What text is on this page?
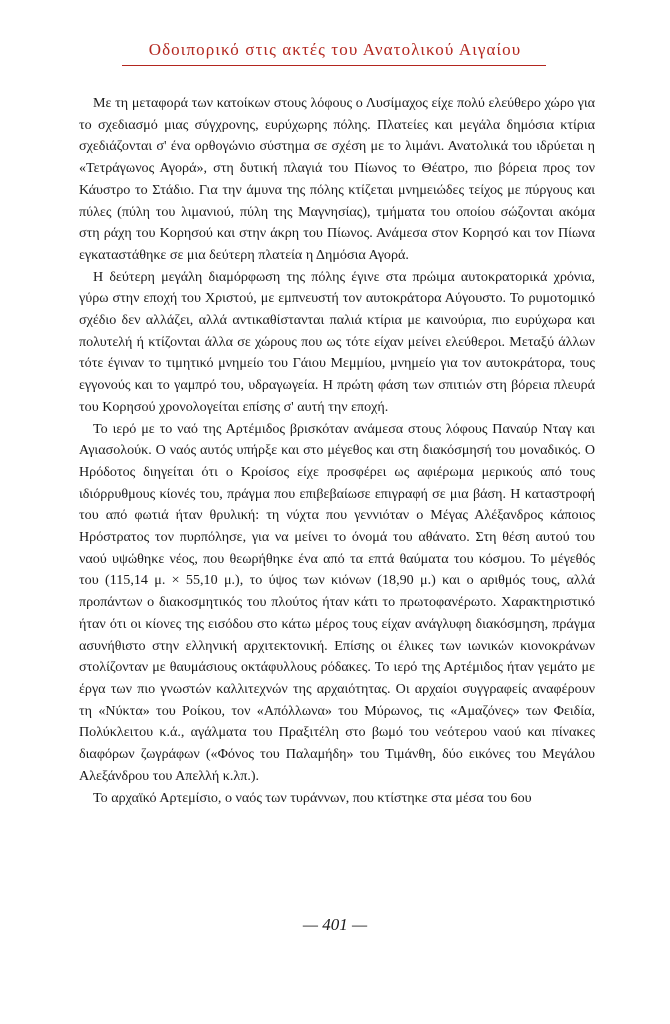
Οδοιπορικό στις ακτές του Ανατολικού Αιγαίου

Με τη μεταφορά των κατοίκων στους λόφους ο Λυσίμαχος είχε πολύ ελεύθερο χώρο για το σχεδιασμό μιας σύγχρονης, ευρύχωρης πόλης. Πλατείες και μεγάλα δημόσια κτίρια σχεδιάζονται σ' ένα ορθογώνιο σύστημα σε σχέση με το λιμάνι. Ανατολικά του ιδρύεται η «Τετράγωνος Αγορά», στη δυτική πλαγιά του Πίωνος το Θέατρο, πιο βόρεια προς τον Κάυστρο το Στάδιο. Για την άμυνα της πόλης κτίζεται μνημειώδες τείχος με πύργους και πύλες (πύλη του λιμανιού, πύλη της Μαγνησίας), τμήματα του οποίου σώζονται ακόμα στη ράχη του Κορησού και στην άκρη του Πίωνος. Ανάμεσα στον Κορησό και τον Πίωνα εγκαταστάθηκε σε μια δεύτερη πλατεία η Δημόσια Αγορά.

Η δεύτερη μεγάλη διαμόρφωση της πόλης έγινε στα πρώιμα αυτοκρατορικά χρόνια, γύρω στην εποχή του Χριστού, με εμπνευστή τον αυτοκράτορα Αύγουστο. Το ρυμοτομικό σχέδιο δεν αλλάζει, αλλά αντικαθίστανται παλιά κτίρια με καινούρια, πιο ευρύχωρα και πολυτελή ή κτίζονται άλλα σε χώρους που ως τότε είχαν μείνει ελεύθεροι. Μεταξύ άλλων τότε έγιναν το τιμητικό μνημείο του Γάιου Μεμμίου, μνημείο για τον αυτοκράτορα, τους εγγονούς και το γαμπρό του, υδραγωγεία. Η πρώτη φάση των σπιτιών στη βόρεια πλευρά του Κορησού χρονολογείται επίσης σ' αυτή την εποχή.

Το ιερό με το ναό της Αρτέμιδος βρισκόταν ανάμεσα στους λόφους Παναύρ Νταγ και Αγιασολούκ. Ο ναός αυτός υπήρξε και στο μέγεθος και στη διακόσμησή του μοναδικός. Ο Ηρόδοτος διηγείται ότι ο Κροίσος είχε προσφέρει ως αφιέρωμα μερικούς από τους ιδιόρρυθμους κίονές του, πράγμα που επιβεβαίωσε επιγραφή σε μια βάση. Η καταστροφή του από φωτιά ήταν θρυλική: τη νύχτα που γεννιόταν ο Μέγας Αλέξανδρος κάποιος Ηρόστρατος τον πυρπόλησε, για να μείνει το όνομά του αθάνατο. Στη θέση αυτού του ναού υψώθηκε νέος, που θεωρήθηκε ένα από τα επτά θαύματα του κόσμου. Το μέγεθός του (115,14 μ. × 55,10 μ.), το ύψος των κιόνων (18,90 μ.) και ο αριθμός τους, αλλά προπάντων ο διακοσμητικός του πλούτος ήταν κάτι το πρωτοφανέρωτο. Χαρακτηριστικό ήταν ότι οι κίονες της εισόδου στο κάτω μέρος τους είχαν ανάγλυφη διακόσμηση, πράγμα ασυνήθιστο στην ελληνική αρχιτεκτονική. Επίσης οι έλικες των ιωνικών κιονοκράνων στολίζονταν με θαυμάσιους οκτάφυλλους ρόδακες. Το ιερό της Αρτέμιδος ήταν γεμάτο με έργα των πιο γνωστών καλλιτεχνών της αρχαιότητας. Οι αρχαίοι συγγραφείς αναφέρουν τη «Νύκτα» του Ροίκου, τον «Απόλλωνα» του Μύρωνος, τις «Αμαζόνες» των Φειδία, Πολύκλειτου κ.ά., αγάλματα του Πραξιτέλη στο βωμό του νεότερου ναού και πίνακες διαφόρων ζωγράφων («Φόνος του Παλαμήδη» του Τιμάνθη, δύο εικόνες του Μεγάλου Αλεξάνδρου του Απελλή κ.λπ.).

Το αρχαϊκό Αρτεμίσιο, ο ναός των τυράννων, που κτίστηκε στα μέσα του 6ου

— 401 —
